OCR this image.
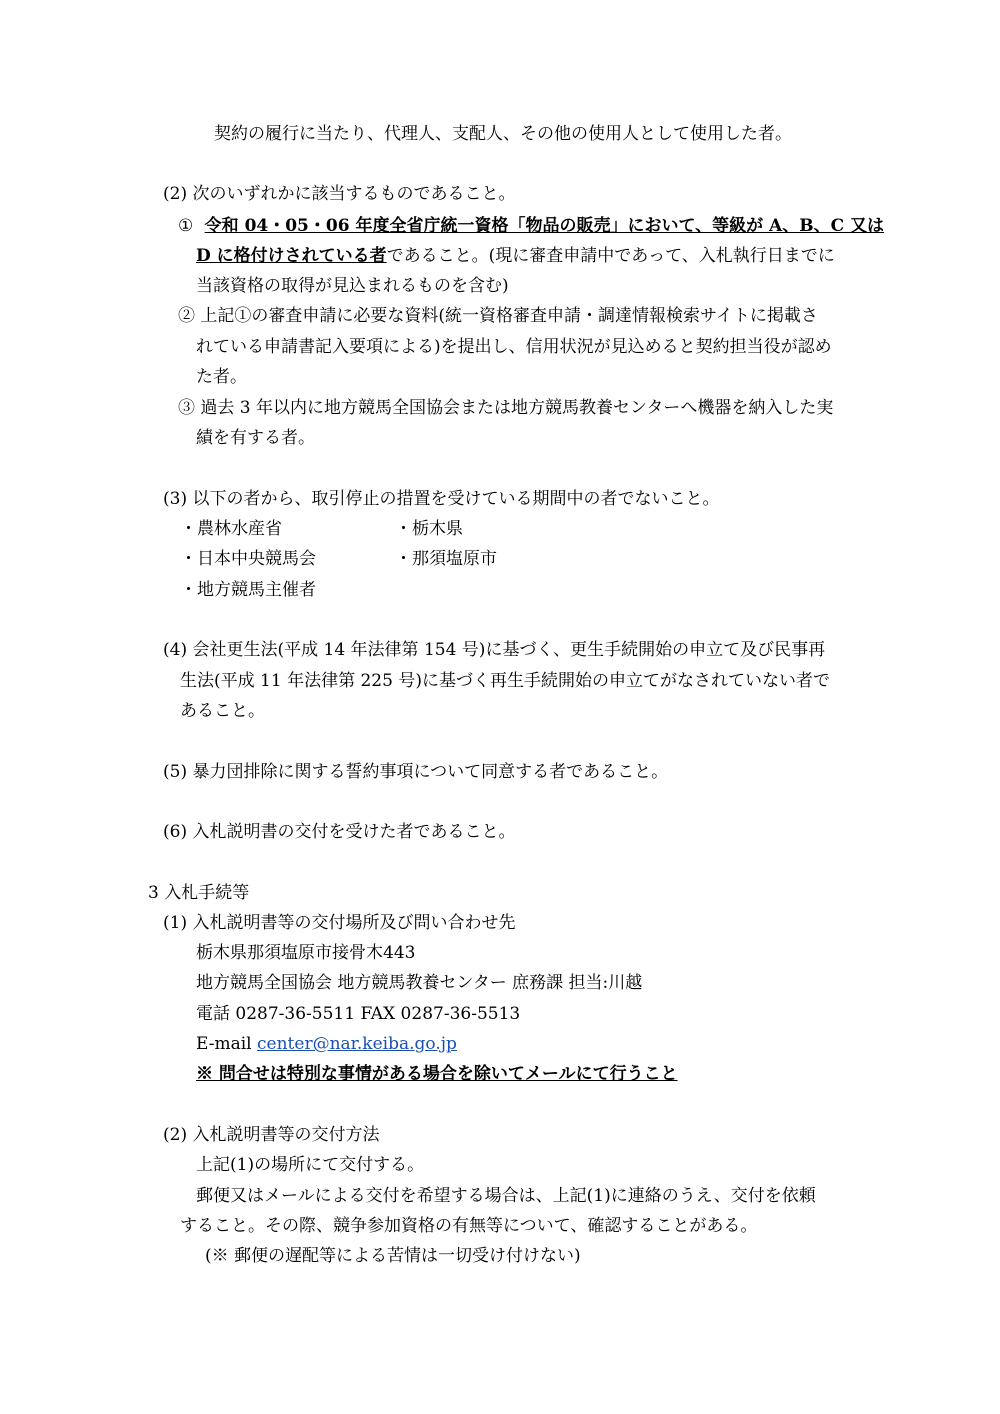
契約の履行に当たり、代理人、支配人、その他の使用人として使用した者。
(2) 次のいずれかに該当するものであること。
① 令和 04・05・06 年度全省庁統一資格「物品の販売」において、等級が A、B、C 又は
D に格付けされている者であること。(現に審査申請中であって、入札執行日までに
当該資格の取得が見込まれるものを含む)
② 上記①の審査申請に必要な資料(統一資格審査申請・調達情報検索サイトに掲載さ
れている申請書記入要項による)を提出し、信用状況が見込めると契約担当役が認め
た者。
③ 過去 3 年以内に地方競馬全国協会または地方競馬教養センターへ機器を納入した実
績を有する者。
(3) 以下の者から、取引停止の措置を受けている期間中の者でないこと。
・農林水産省	・栃木県
・日本中央競馬会	・那須塩原市
・地方競馬主催者
(4) 会社更生法(平成 14 年法律第 154 号)に基づく、更生手続開始の申立て及び民事再
生法(平成 11 年法律第 225 号)に基づく再生手続開始の申立てがなされていない者で
あること。
(5) 暴力団排除に関する誓約事項について同意する者であること。
(6) 入札説明書の交付を受けた者であること。
3 入札手続等
(1) 入札説明書等の交付場所及び問い合わせ先
栃木県那須塩原市接骨木443
地方競馬全国協会 地方競馬教養センター 庶務課 担当:川越
電話 0287-36-5511 FAX 0287-36-5513
E-mail center@nar.keiba.go.jp
※ 問合せは特別な事情がある場合を除いてメールにて行うこと
(2) 入札説明書等の交付方法
上記(1)の場所にて交付する。
郵便又はメールによる交付を希望する場合は、上記(1)に連絡のうえ、交付を依頼
すること。その際、競争参加資格の有無等について、確認することがある。
(※ 郵便の遅配等による苦情は一切受け付けない)
